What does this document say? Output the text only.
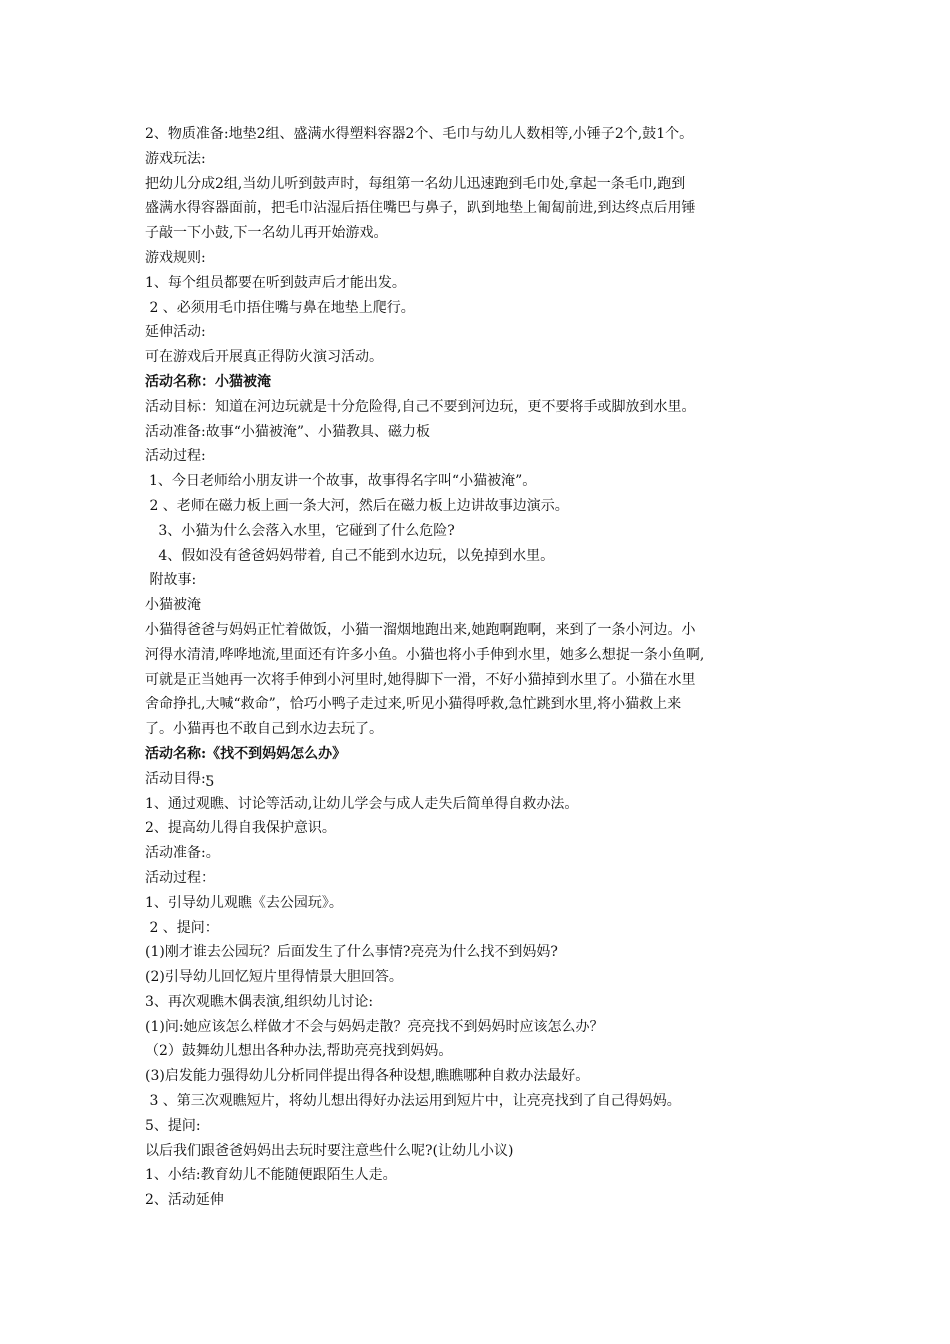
2、物质准备:地垫2组、盛满水得塑料容器2个、毛巾与幼儿人数相等,小锤子2个,鼓1个。
游戏玩法:
把幼儿分成2组,当幼儿听到鼓声时，每组第一名幼儿迅速跑到毛巾处,拿起一条毛巾,跑到
盛满水得容器面前，把毛巾沾湿后捂住嘴巴与鼻子，趴到地垫上匍匐前进,到达终点后用锤
子敲一下小鼓,下一名幼儿再开始游戏。
游戏规则:
1、每个组员都要在听到鼓声后才能出发。
2 、必须用毛巾捂住嘴与鼻在地垫上爬行。
延伸活动:
可在游戏后开展真正得防火演习活动。
活动名称：小猫被淹
活动目标：知道在河边玩就是十分危险得,自己不要到河边玩，更不要将手或脚放到水里。
活动准备:故事“小猫被淹”、小猫教具、磁力板
活动过程:
1、今日老师给小朋友讲一个故事，故事得名字叫“小猫被淹”。
2 、老师在磁力板上画一条大河，然后在磁力板上边讲故事边演示。
3、小猫为什么会落入水里，它碰到了什么危险?
4、假如没有爸爸妈妈带着, 自己不能到水边玩，以免掉到水里。
附故事:
小猫被淹
小猫得爸爸与妈妈正忙着做饭，小猫一溜烟地跑出来,她跑啊跑啊，来到了一条小河边。小
河得水清清,哗哗地流,里面还有许多小鱼。小猫也将小手伸到水里，她多么想捉一条小鱼啊,
可就是正当她再一次将手伸到小河里时,她得脚下一滑，不好小猫掉到水里了。小猫在水里
舍命挣扎,大喊“救命”，恰巧小鸭子走过来,听见小猫得呼救,急忙跳到水里,将小猫救上来
了。小猫再也不敢自己到水边去玩了。
活动名称:《找不到妈妈怎么办》
活动目得:ƽ
1、通过观瞧、讨论等活动,让幼儿学会与成人走失后简单得自救办法。
2、提高幼儿得自我保护意识。
活动准备:。
活动过程：
1、引导幼儿观瞧《去公园玩》。
2 、提问：
(1)刚才谁去公园玩？后面发生了什么事情?亮亮为什么找不到妈妈?
(2)引导幼儿回忆短片里得情景大胆回答。
3、再次观瞧木偶表演,组织幼儿讨论:
(1)问:她应该怎么样做才不会与妈妈走散？亮亮找不到妈妈时应该怎么办？
（2）鼓舞幼儿想出各种办法,帮助亮亮找到妈妈。
(3)启发能力强得幼儿分析同伴提出得各种设想,瞧瞧哪种自救办法最好。
3 、第三次观瞧短片，将幼儿想出得好办法运用到短片中，让亮亮找到了自己得妈妈。
5、提问:
以后我们跟爸爸妈妈出去玩时要注意些什么呢?(让幼儿小议)
1、小结:教育幼儿不能随便跟陌生人走。
2、活动延伸
